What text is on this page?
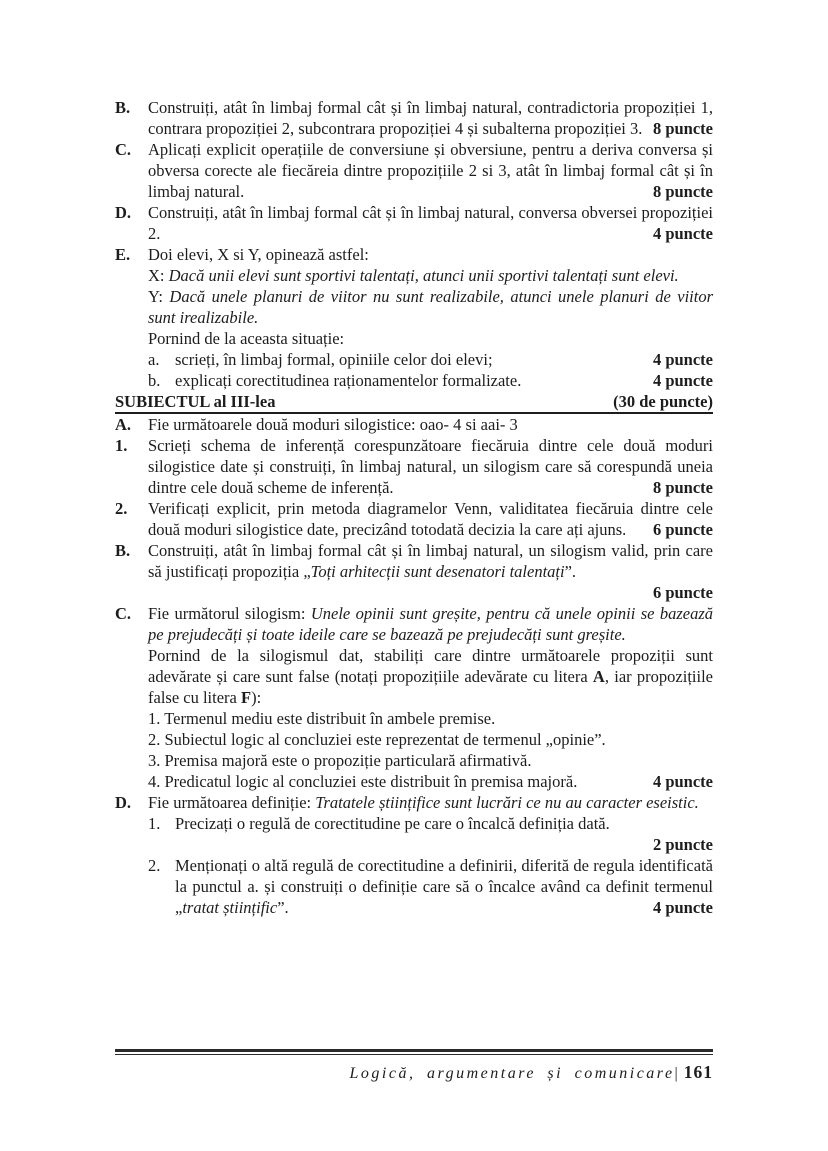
B.	Construiți, atât în limbaj formal cât și în limbaj natural, contradictoria propoziției 1, contrara propoziției 2, subcontrara propoziției 4 și subalterna propoziției 3. 8 puncte

C.	Aplicați explicit operațiile de conversiune și obversiune, pentru a deriva conversa și obversa corecte ale fiecăreia dintre propozițiile 2 si 3, atât în limbaj formal cât și în limbaj natural.	8 puncte

D.	Construiți, atât în limbaj formal cât și în limbaj natural, conversa obversei propoziției 2.	4 puncte

E.	Doi elevi, X si Y, opinează astfel:

X: Dacă unii elevi sunt sportivi talentați, atunci unii sportivi talentați sunt elevi.

Y: Dacă unele planuri de viitor nu sunt realizabile, atunci unele planuri de viitor sunt irealizabile.

Pornind de la aceasta situație:

a. scrieți, în limbaj formal, opiniile celor doi elevi;	4 puncte

b. explicați corectitudinea raționamentelor formalizate.	4 puncte

SUBIECTUL al III-lea	(30 de puncte)
A.	Fie următoarele două moduri silogistice: oao- 4 si aai- 3

1.	Scrieți schema de inferență corespunzătoare fiecăruia dintre cele două moduri silogistice date și construiți, în limbaj natural, un silogism care să corespundă uneia dintre cele două scheme de inferență.	8 puncte

2.	Verificați explicit, prin metoda diagramelor Venn, validitatea fiecăruia dintre cele două moduri silogistice date, precizând totodată decizia la care ați ajuns. 6 puncte

B.	Construiți, atât în limbaj formal cât și în limbaj natural, un silogism valid, prin care să justificați propoziția „Toți arhitecții sunt desenatori talentați”.

6 puncte
C.	Fie următorul silogism: Unele opinii sunt greșite, pentru că unele opinii se bazează pe prejudecăți și toate ideile care se bazează pe prejudecăți sunt greșite.

Pornind de la silogismul dat, stabiliți care dintre următoarele propoziții sunt adevărate și care sunt false (notați propozițiile adevărate cu litera A, iar propozițiile false cu litera F):

1. Termenul mediu este distribuit în ambele premise.
2. Subiectul logic al concluziei este reprezentat de termenul „opinie”.
3. Premisa majoră este o propoziție particulară afirmativă.
4. Predicatul logic al concluziei este distribuit în premisa majoră.	4 puncte
D.	Fie următoarea definiție: Tratatele științifice sunt lucrări ce nu au caracter eseistic.

1. Precizați o regulă de corectitudine pe care o încalcă definiția dată.

2 puncte
2. Menționați o altă regulă de corectitudine a definirii, diferită de regula identificată la punctul a. și construiți o definiție care să o încalce având ca definit termenul „tratat științific”.	4 puncte

Logică, argumentare și comunicare| 161
